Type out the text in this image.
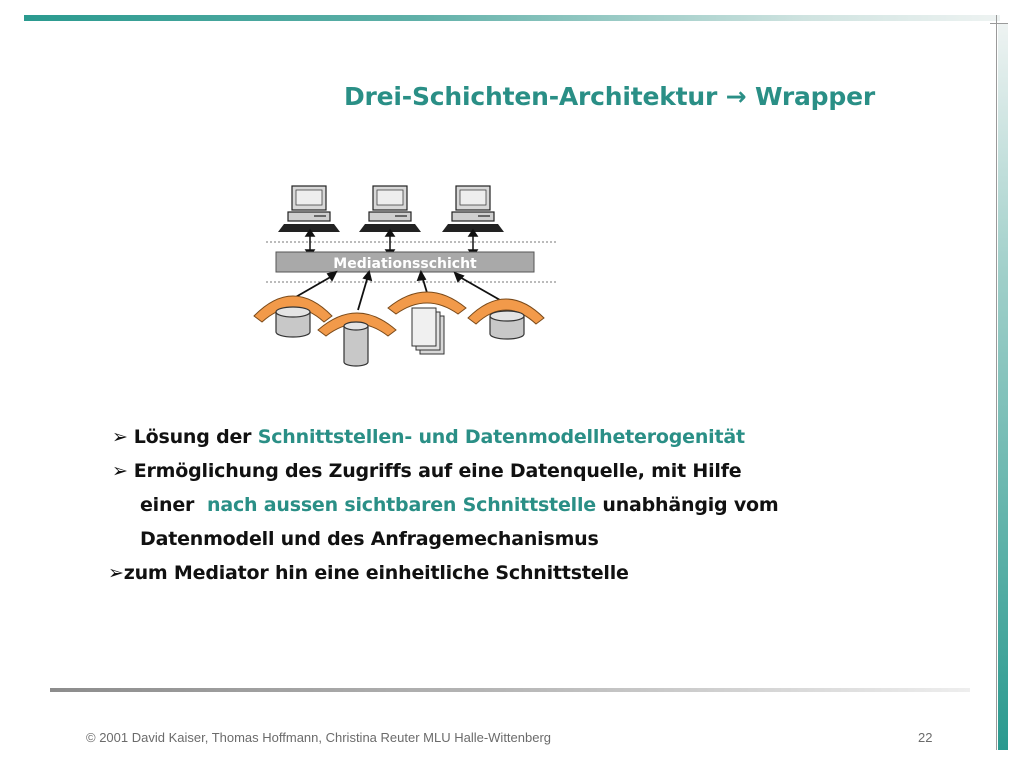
Drei-Schichten-Architektur → Wrapper
Mediationsschicht
➢ Lösung der Schnittstellen- und Datenmodellheterogenität
➢ Ermöglichung des Zugriffs auf eine Datenquelle, mit Hilfe
einer  nach aussen sichtbaren Schnittstelle unabhängig vom
Datenmodell und des Anfragemechanismus
➢zum Mediator hin eine einheitliche Schnittstelle
© 2001 David Kaiser, Thomas Hoffmann, Christina Reuter MLU Halle-Wittenberg	22
